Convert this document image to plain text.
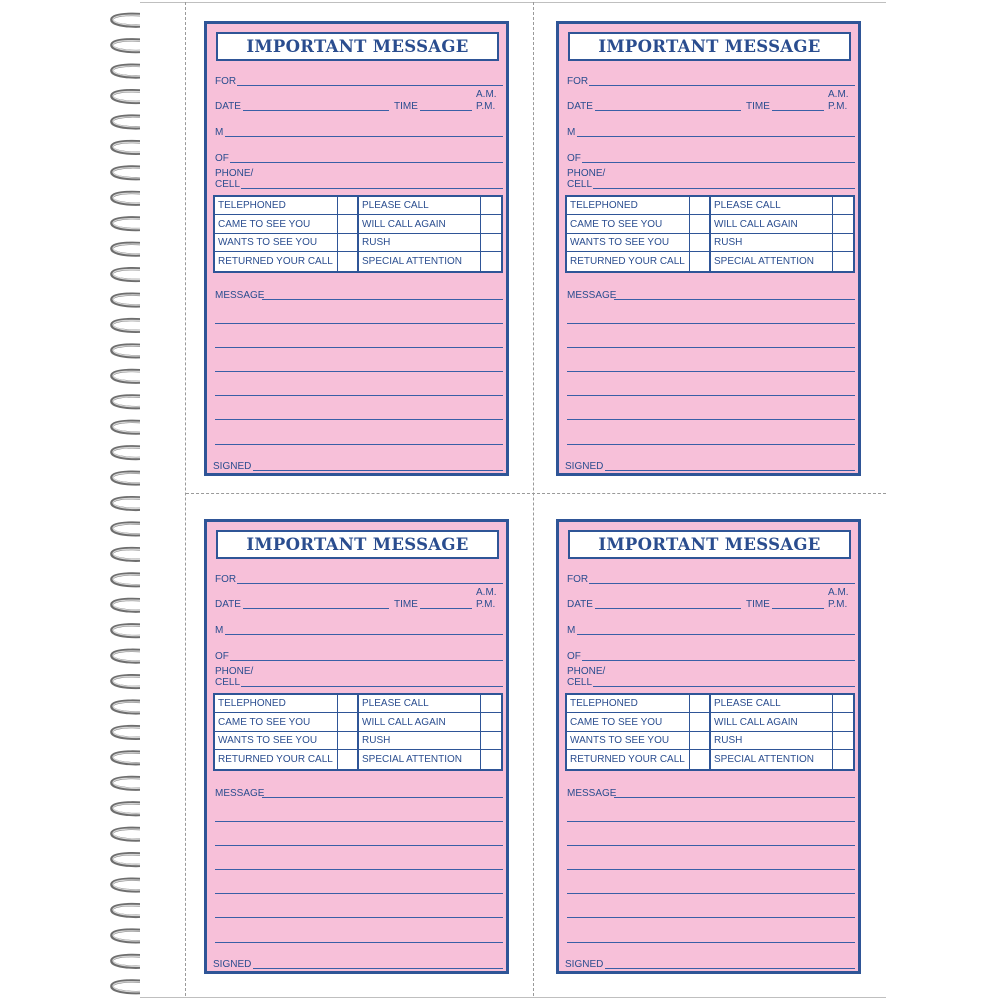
IMPORTANT MESSAGE
FOR
DATE	TIME
A.M.
P.M.
M
OF
PHONE/
CELL
TELEPHONED	PLEASE CALL
CAME TO SEE YOU	WILL CALL AGAIN
WANTS TO SEE YOU	RUSH
RETURNED YOUR CALL	SPECIAL ATTENTION
MESSAGE
SIGNED
IMPORTANT MESSAGE
FOR
DATE	TIME
A.M.
P.M.
M
OF
PHONE/
CELL
TELEPHONED	PLEASE CALL
CAME TO SEE YOU	WILL CALL AGAIN
WANTS TO SEE YOU	RUSH
RETURNED YOUR CALL	SPECIAL ATTENTION
MESSAGE
SIGNED
IMPORTANT MESSAGE
FOR
DATE	TIME
A.M.
P.M.
M
OF
PHONE/
CELL
TELEPHONED	PLEASE CALL
CAME TO SEE YOU	WILL CALL AGAIN
WANTS TO SEE YOU	RUSH
RETURNED YOUR CALL	SPECIAL ATTENTION
MESSAGE
SIGNED
IMPORTANT MESSAGE
FOR
DATE	TIME
A.M.
P.M.
M
OF
PHONE/
CELL
TELEPHONED	PLEASE CALL
CAME TO SEE YOU	WILL CALL AGAIN
WANTS TO SEE YOU	RUSH
RETURNED YOUR CALL	SPECIAL ATTENTION
MESSAGE
SIGNED
